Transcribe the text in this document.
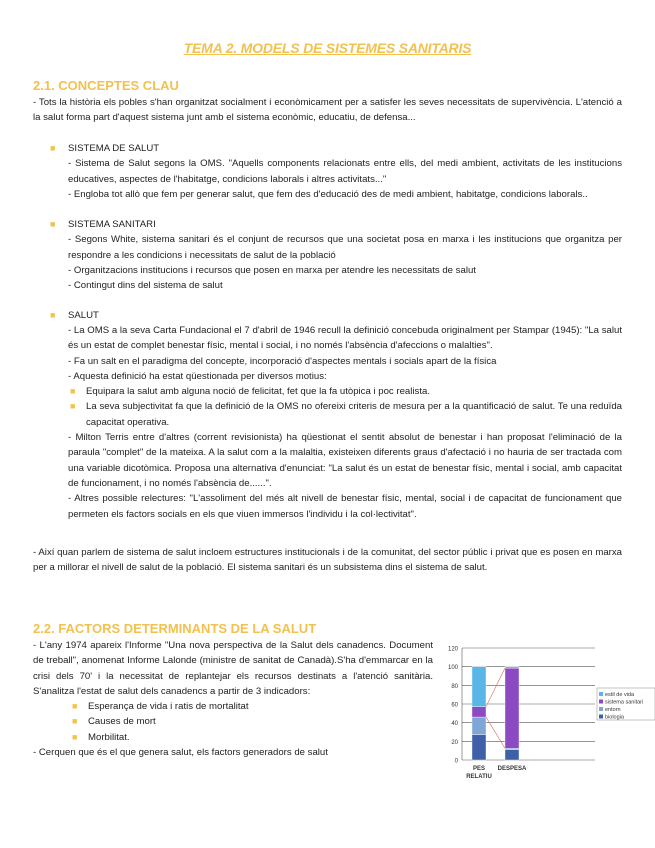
TEMA 2. MODELS DE SISTEMES SANITARIS
2.1. CONCEPTES CLAU

- Tots la història els pobles s'han organitzat socialment i econòmicament per a satisfer les seves necessitats de supervivència. L'atenció a la salut forma part d'aquest sistema junt amb el sistema econòmic, educatiu, de defensa...

■ SISTEMA DE SALUT
- Sistema de Salut segons la OMS. "Aquells components relacionats entre ells, del medi ambient, activitats de les institucions educatives, aspectes de l'habitatge, condicions laborals i altres activitats..."
- Engloba tot allò que fem per generar salut, que fem des d'educació des de medi ambient, habitatge, condicions laborals..
■ SISTEMA SANITARI
- Segons White, sistema sanitari és el conjunt de recursos que una societat posa en marxa i les institucions que organitza per respondre a les condicions i necessitats de salut de la població
- Organitzacions institucions i recursos que posen en marxa per atendre les necessitats de salut
- Contingut dins del sistema de salut
■ SALUT
- La OMS a la seva Carta Fundacional el 7 d'abril de 1946 recull la definició concebuda originalment per Stampar (1945): "La salut és un estat de complet benestar físic, mental i social, i no només l'absència d'afeccions o malalties".
- Fa un salt en el paradigma del concepte, incorporació d'aspectes mentals i socials apart de la física
- Aquesta definició ha estat qüestionada per diversos motius:
■ Equipara la salut amb alguna noció de felicitat, fet que la fa utòpica i poc realista.
■ La seva subjectivitat fa que la definició de la OMS no ofereixi criteris de mesura per a la quantificació de salut. Te una reduïda capacitat operativa.
- Milton Terris entre d'altres (corrent revisionista) ha qüestionat el sentit absolut de benestar i han proposat l'eliminació de la paraula "complet" de la mateixa. A la salut com a la malaltia, existeixen diferents graus d'afectació i no hauria de ser tractada com una variable dicotòmica. Proposa una alternativa d'enunciat: "La salut és un estat de benestar físic, mental i social, amb capacitat de funcionament, i no només l'absència de......".
- Altres possible relectures: "L'assoliment del més alt nivell de benestar físic, mental, social i de capacitat de funcionament que permeten els factors socials en els que viuen immersos l'individu i la col·lectivitat".
- Així quan parlem de sistema de salut incloem estructures institucionals i de la comunitat, del sector públic i privat que es posen en marxa per a millorar el nivell de salut de la població. El sistema sanitari és un subsistema dins el sistema de salut.
2.2. FACTORS DETERMINANTS DE LA SALUT
- L'any 1974 apareix l'Informe "Una nova perspectiva de la Salut dels canadencs. Document de treball", anomenat Informe Lalonde (ministre de sanitat de Canadà).S'ha d'emmarcar en la crisi dels 70' i la necessitat de replantejar els recursos destinats a l'atenció sanitària. S'analitza l'estat de salut dels canadencs a partir de 3 indicadors:
■ Esperança de vida i ratis de mortalitat
■ Causes de mort
■ Morbilitat.
- Cerquen que és el que genera salut, els factors generadors de salut
0
20
40
60
80
100
120
PES
RELATIU
DESPESA
estil de vida
sistema sanitari
entorn
biologia
